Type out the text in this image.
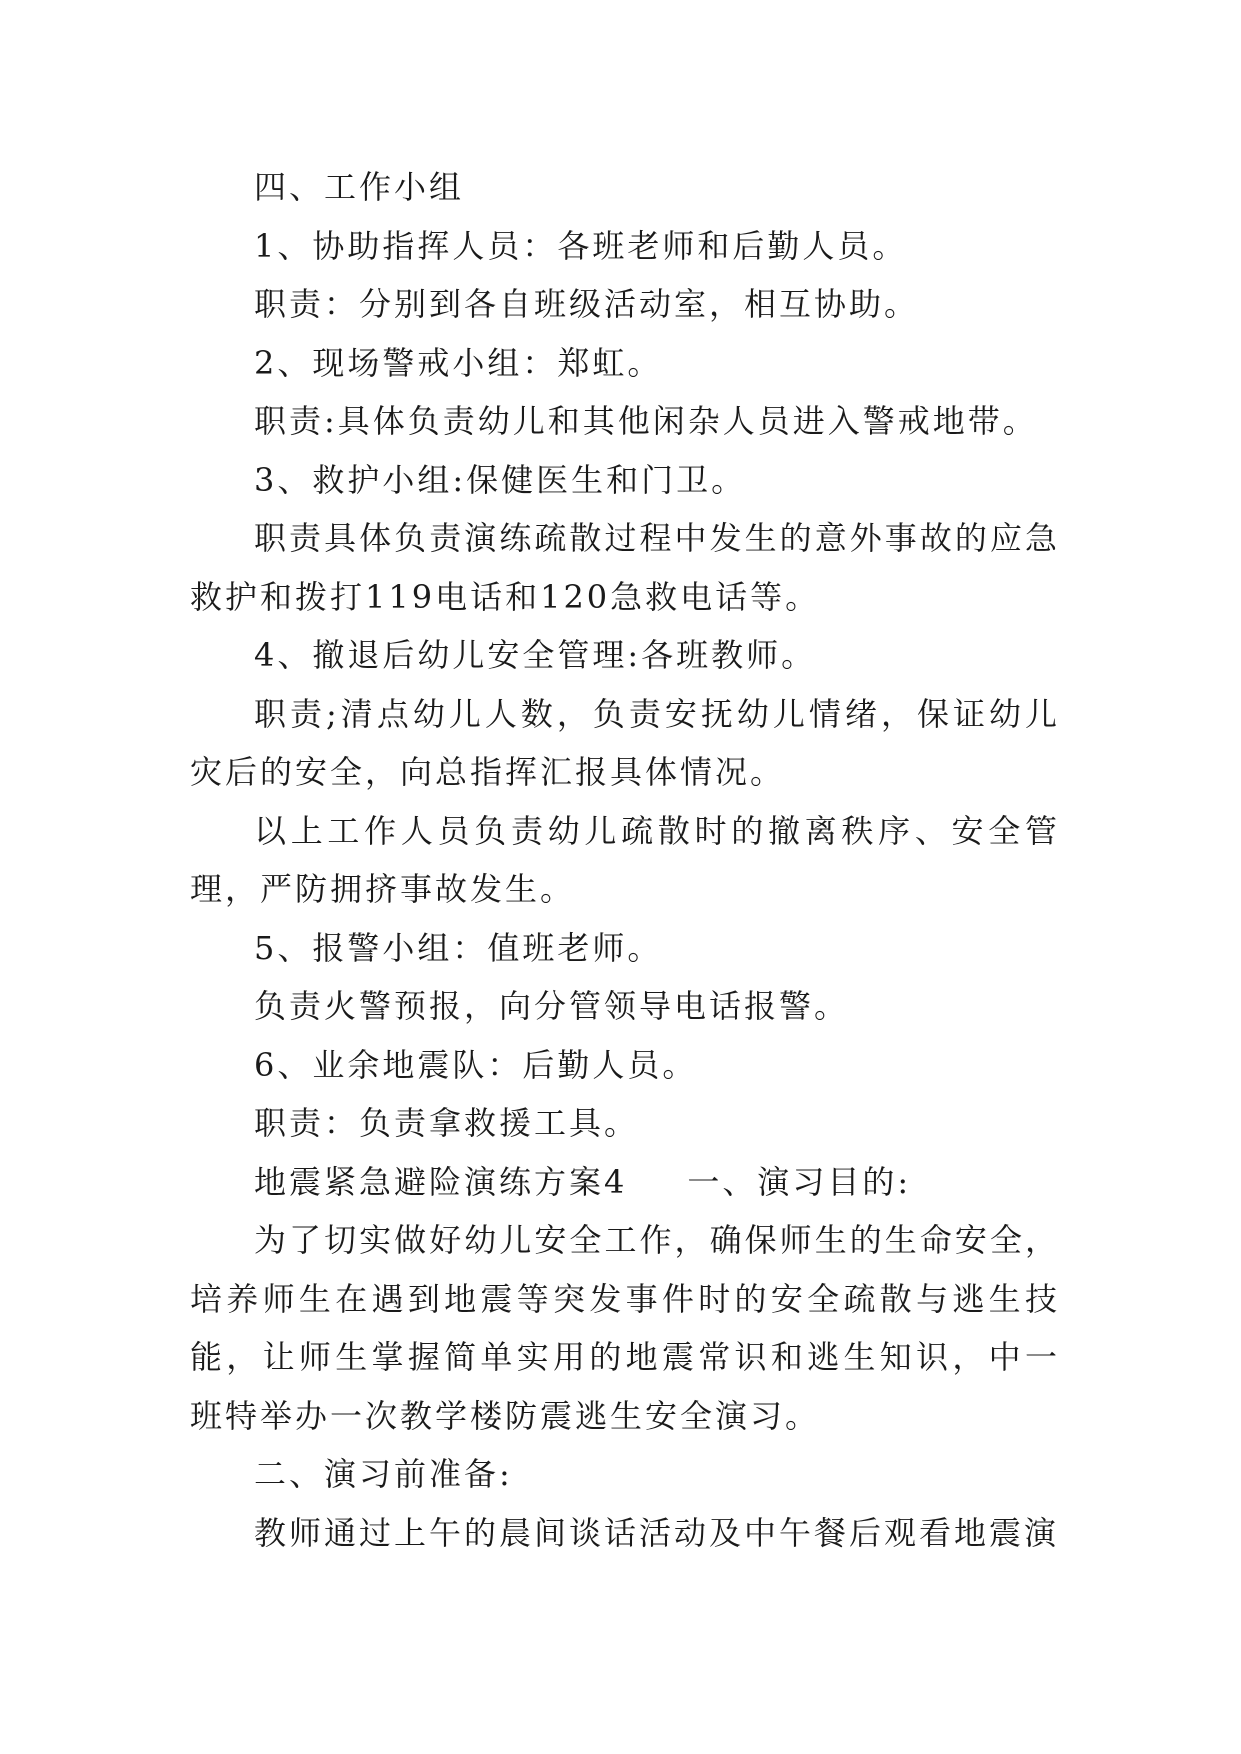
四、工作小组

1、协助指挥人员：各班老师和后勤人员。

职责：分别到各自班级活动室，相互协助。

2、现场警戒小组：郑虹。

职责:具体负责幼儿和其他闲杂人员进入警戒地带。

3、救护小组:保健医生和门卫。

职责具体负责演练疏散过程中发生的意外事故的应急救护和拨打119电话和120急救电话等。

4、撤退后幼儿安全管理:各班教师。

职责;清点幼儿人数，负责安抚幼儿情绪，保证幼儿灾后的安全，向总指挥汇报具体情况。

以上工作人员负责幼儿疏散时的撤离秩序、安全管理，严防拥挤事故发生。

5、报警小组：值班老师。

负责火警预报，向分管领导电话报警。

6、业余地震队：后勤人员。

职责：负责拿救援工具。

地震紧急避险演练方案4 一、演习目的:

为了切实做好幼儿安全工作，确保师生的生命安全，培养师生在遇到地震等突发事件时的安全疏散与逃生技能，让师生掌握简单实用的地震常识和逃生知识，中一班特举办一次教学楼防震逃生安全演习。

二、演习前准备:

教师通过上午的晨间谈话活动及中午餐后观看地震演
